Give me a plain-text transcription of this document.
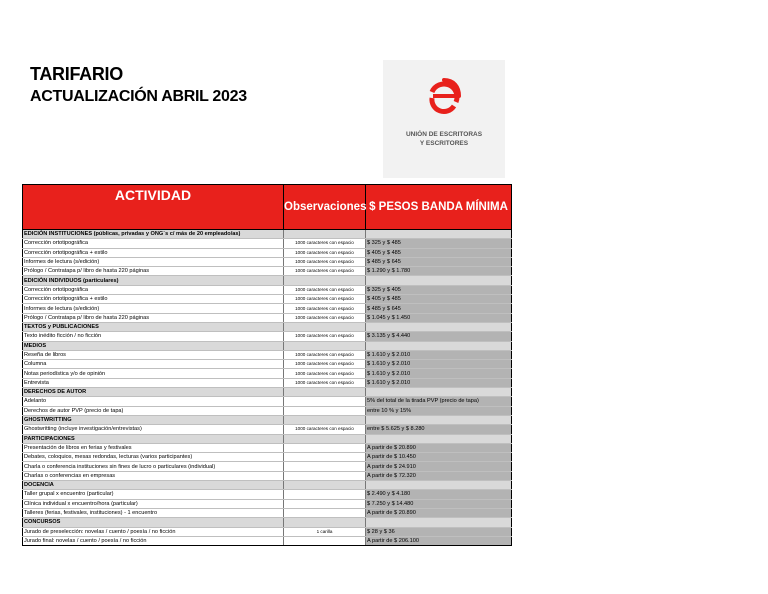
TARIFARIO
ACTUALIZACIÓN ABRIL 2023
UNIÓN DE ESCRITORAS
Y ESCRITORES
ACTIVIDAD	Observaciones	$ PESOS BANDA MÍNIMA
EDICIÓN INSTITUCIONES (públicas, privadas y ONG´s c/ más de 20 empleado/as)		
Corrección ortotipográfica	1000 caracteres con espacio	$ 325 y $ 485
Corrección ortotipográfica + estilo	1000 caracteres con espacio	$ 405 y $ 485
Informes de lectura (s/edición)	1000 caracteres con espacio	$ 485 y $ 645
Prólogo / Contratapa p/ libro de hasta 220 páginas	1000 caracteres con espacio	$ 1.290 y $ 1.780
EDICIÓN INDIVIDUOS (particulares)		
Corrección ortotipográfica	1000 caracteres con espacio	$ 325 y $ 405
Corrección ortotipográfica + estilo	1000 caracteres con espacio	$ 405 y $ 485
Informes de lectura (s/edición)	1000 caracteres con espacio	$ 485 y $ 645
Prólogo / Contratapa p/ libro de hasta 220 páginas	1000 caracteres con espacio	$ 1.045 y $ 1.450
TEXTOS y PUBLICACIONES		
Texto inédito ficción / no ficción	1000 caracteres con espacio	$ 3.135 y $ 4.440
MEDIOS		
Reseña de libros	1000 caracteres con espacio	$ 1.610 y $ 2.010
Columna	1000 caracteres con espacio	$ 1.610 y $ 2.010
Notas periodística y/o de opinión	1000 caracteres con espacio	$ 1.610 y $ 2.010
Entrevista	1000 caracteres con espacio	$ 1.610 y $ 2.010
DERECHOS DE AUTOR		
Adelanto		5% del total de la tirada PVP (precio de tapa)
Derechos de autor PVP (precio de tapa)		entre 10 % y 15%
GHOSTWRITTING		
Ghostwritting (incluye investigación/entrevistas)	1000 caracteres con espacio	entre $ 5.625 y $ 8.280
PARTICIPACIONES		
Presentación de libros en ferias y festivales		A partir de $ 20.890
Debates, coloquios, mesas redondas, lecturas (varios participantes)		A partir de $ 10.450
Charla o conferencia instituciones sin fines de lucro o particulares (individual)		A partir de $ 24.910
Charlas o conferencias en empresas		A partir de $ 72.320
DOCENCIA		
Taller grupal x encuentro (particular)		$ 2.490 y $ 4.180
Clínica individual x encuentro/hora (particular)		$ 7.250 y $ 14.480
Talleres (ferias, festivales, instituciones) - 1 encuentro		A partir de $ 20.890
CONCURSOS		
Jurado de preselección: novelas / cuento / poesía / no ficción	1 carilla	$ 28 y $ 36
Jurado final: novelas / cuento / poesía / no ficción		A partir de $ 206.100
